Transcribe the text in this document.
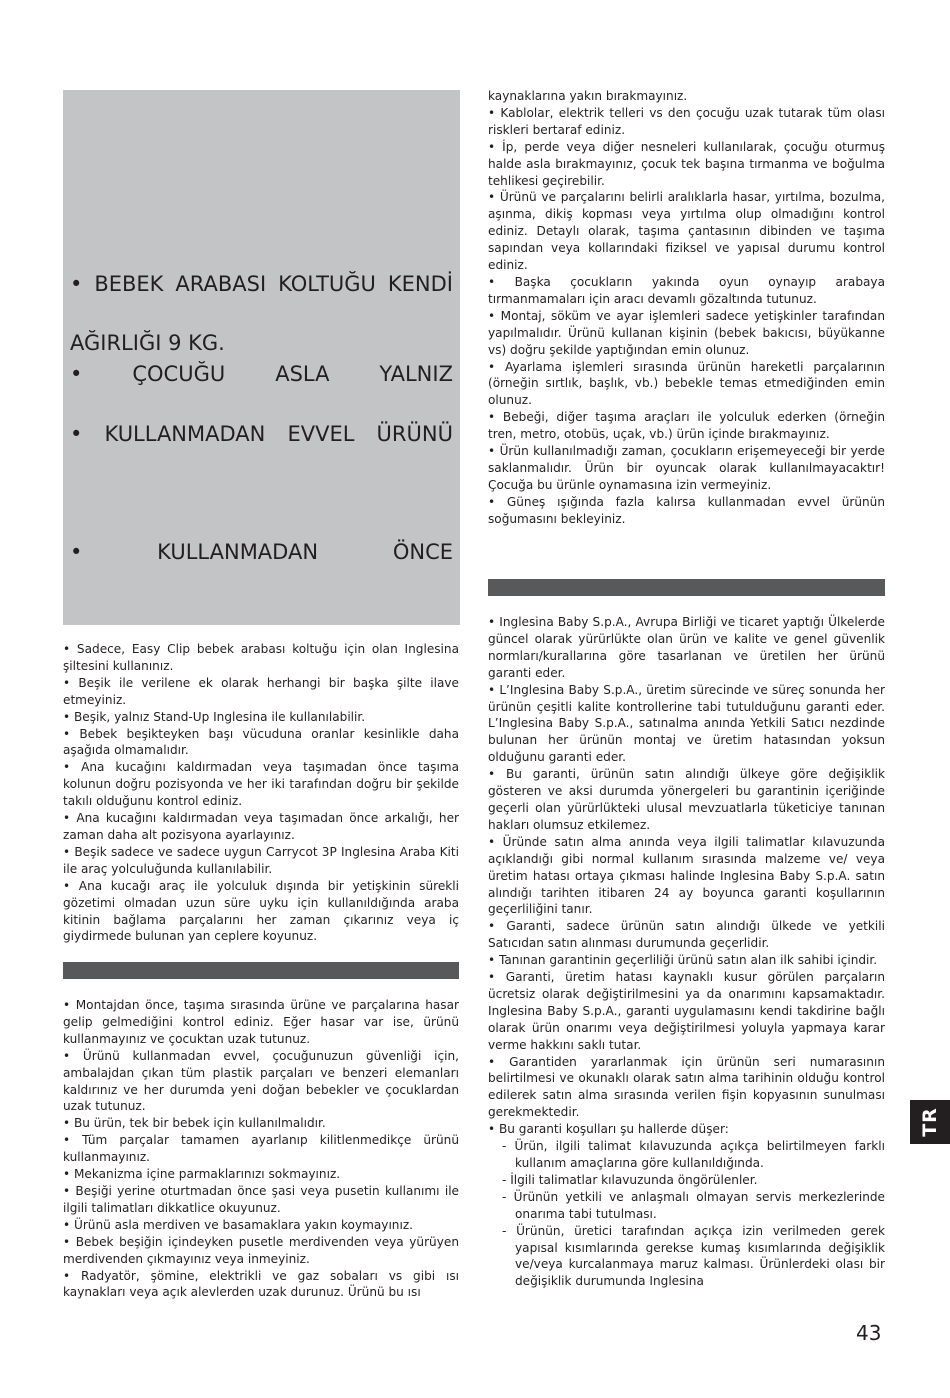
• BEBEK ARABASI KOLTUĞU KENDİ
AĞIRLIĞI 9 KG.
• ÇOCUĞU ASLA YALNIZ
• KULLANMADAN EVVEL ÜRÜNÜ
•	KULLANMADAN	ÖNCE

• Sadece, Easy Clip bebek arabası koltuğu için olan Inglesina şiltesini kullanınız.

• Beşik ile verilene ek olarak herhangi bir başka şilte ilave etmeyiniz.

• Beşik, yalnız Stand-Up Inglesina ile kullanılabilir.

• Bebek beşikteyken başı vücuduna oranlar kesinlikle daha aşağıda olmamalıdır.

• Ana kucağını kaldırmadan veya taşımadan önce taşıma kolunun doğru pozisyonda ve her iki tarafından doğru bir şekilde takılı olduğunu kontrol ediniz.

• Ana kucağını kaldırmadan veya taşımadan önce arkalığı, her zaman daha alt pozisyona ayarlayınız.

• Beşik sadece ve sadece uygun Carrycot 3P Inglesina Araba Kiti ile araç yolculuğunda kullanılabilir.

• Ana kucağı araç ile yolculuk dışında bir yetişkinin sürekli gözetimi olmadan uzun süre uyku için kullanıldığında araba kitinin bağlama parçalarını her zaman çıkarınız veya iç giydirmede bulunan yan ceplere koyunuz.

• Montajdan önce, taşıma sırasında ürüne ve parçalarına hasar gelip gelmediğini kontrol ediniz. Eğer hasar var ise, ürünü kullanmayınız ve çocuktan uzak tutunuz.

• Ürünü kullanmadan evvel, çocuğunuzun güvenliği için, ambalajdan çıkan tüm plastik parçaları ve benzeri elemanları kaldırınız ve her durumda yeni doğan bebekler ve çocuklardan uzak tutunuz.

• Bu ürün, tek bir bebek için kullanılmalıdır.

• Tüm parçalar tamamen ayarlanıp kilitlenmedikçe ürünü kullanmayınız.

• Mekanizma içine parmaklarınızı sokmayınız.

• Beşiği yerine oturtmadan önce şasi veya pusetin kullanımı ile ilgili talimatları dikkatlice okuyunuz.

• Ürünü asla merdiven ve basamaklara yakın koymayınız.

• Bebek beşiğin içindeyken pusetle merdivenden veya yürüyen merdivenden çıkmayınız veya inmeyiniz.

• Radyatör, şömine, elektrikli ve gaz sobaları vs gibi ısı kaynakları veya açık alevlerden uzak durunuz. Ürünü bu ısı

kaynaklarına yakın bırakmayınız.

• Kablolar, elektrik telleri vs den çocuğu uzak tutarak tüm olası riskleri bertaraf ediniz.

• İp, perde veya diğer nesneleri kullanılarak, çocuğu oturmuş halde asla bırakmayınız, çocuk tek başına tırmanma ve boğulma tehlikesi geçirebilir.

• Ürünü ve parçalarını belirli aralıklarla hasar, yırtılma, bozulma, aşınma, dikiş kopması veya yırtılma olup olmadığını kontrol ediniz. Detaylı olarak, taşıma çantasının dibinden ve taşıma sapından veya kollarındaki fiziksel ve yapısal durumu kontrol ediniz.

• Başka çocukların yakında oyun oynayıp arabaya tırmanmamaları için aracı devamlı gözaltında tutunuz.

• Montaj, söküm ve ayar işlemleri sadece yetişkinler tarafından yapılmalıdır. Ürünü kullanan kişinin (bebek bakıcısı, büyükanne vs) doğru şekilde yaptığından emin olunuz.

• Ayarlama işlemleri sırasında ürünün hareketli parçalarının (örneğin sırtlık, başlık, vb.) bebekle temas etmediğinden emin olunuz.

• Bebeği, diğer taşıma araçları ile yolculuk ederken (örneğin tren, metro, otobüs, uçak, vb.) ürün içinde bırakmayınız.

• Ürün kullanılmadığı zaman, çocukların erişemeyeceği bir yerde saklanmalıdır. Ürün bir oyuncak olarak kullanılmayacaktır! Çocuğa bu ürünle oynamasına izin vermeyiniz.

• Güneş ışığında fazla kalırsa kullanmadan evvel ürünün soğumasını bekleyiniz.

• Inglesina Baby S.p.A., Avrupa Birliği ve ticaret yaptığı Ülkelerde güncel olarak yürürlükte olan ürün ve kalite ve genel güvenlik normları/kurallarına göre tasarlanan ve üretilen her ürünü garanti eder.

• L’Inglesina Baby S.p.A., üretim sürecinde ve süreç sonunda her ürünün çeşitli kalite kontrollerine tabi tutulduğunu garanti eder. L’Inglesina Baby S.p.A., satınalma anında Yetkili Satıcı nezdinde bulunan her ürünün montaj ve üretim hatasından yoksun olduğunu garanti eder.

• Bu garanti, ürünün satın alındığı ülkeye göre değişiklik gösteren ve aksi durumda yönergeleri bu garantinin içeriğinde geçerli olan yürürlükteki ulusal mevzuatlarla tüketiciye tanınan hakları olumsuz etkilemez.

• Üründe satın alma anında veya ilgili talimatlar kılavuzunda açıklandığı gibi normal kullanım sırasında malzeme ve/ veya üretim hatası ortaya çıkması halinde Inglesina Baby S.p.A. satın alındığı tarihten itibaren 24 ay boyunca garanti koşullarının geçerliliğini tanır.

• Garanti, sadece ürünün satın alındığı ülkede ve yetkili Satıcıdan satın alınması durumunda geçerlidir.

• Tanınan garantinin geçerliliği ürünü satın alan ilk sahibi içindir.

• Garanti, üretim hatası kaynaklı kusur görülen parçaların ücretsiz olarak değiştirilmesini ya da onarımını kapsamaktadır. Inglesina Baby S.p.A., garanti uygulamasını kendi takdirine bağlı olarak ürün onarımı veya değiştirilmesi yoluyla yapmaya karar verme hakkını saklı tutar.

• Garantiden yararlanmak için ürünün seri numarasının belirtilmesi ve okunaklı olarak satın alma tarihinin olduğu kontrol edilerek satın alma sırasında verilen fişin kopyasının sunulması gerekmektedir.

• Bu garanti koşulları şu hallerde düşer:

- Ürün, ilgili talimat kılavuzunda açıkça belirtilmeyen farklı kullanım amaçlarına göre kullanıldığında.

- İlgili talimatlar kılavuzunda öngörülenler.

- Ürünün yetkili ve anlaşmalı olmayan servis merkezlerinde onarıma tabi tutulması.

- Ürünün, üretici tarafından açıkça izin verilmeden gerek yapısal kısımlarında gerekse kumaş kısımlarında değişiklik ve/veya kurcalanmaya maruz kalması. Ürünlerdeki olası bir değişiklik durumunda Inglesina

TR
43
